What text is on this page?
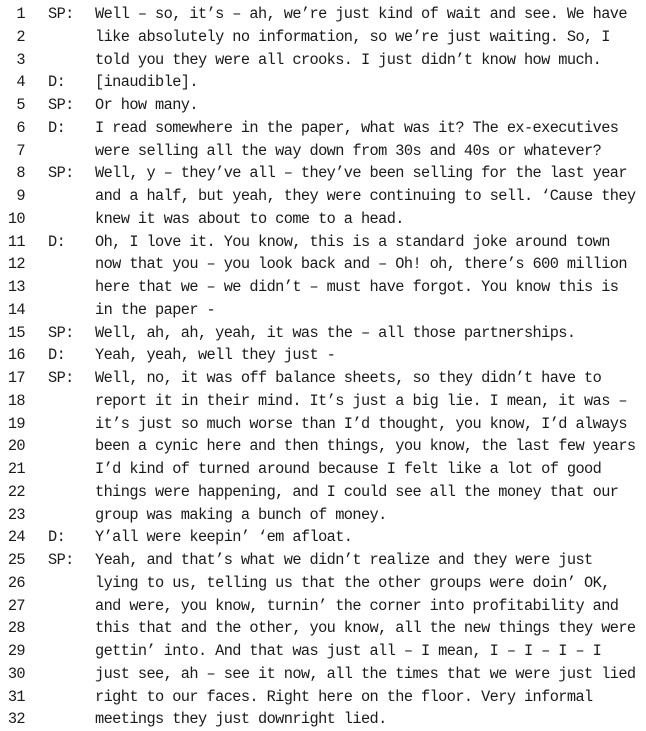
1 SP: Well – so, it’s – ah, we’re just kind of wait and see. We have
2	like absolutely no information, so we’re just waiting. So, I
3	told you they were all crooks. I just didn’t know how much.
4 D: [inaudible].
5 SP: Or how many.
6 D: I read somewhere in the paper, what was it? The ex-executives
7	were selling all the way down from 30s and 40s or whatever?
8 SP: Well, y – they’ve all – they’ve been selling for the last year
9	and a half, but yeah, they were continuing to sell. ‘Cause they
10	knew it was about to come to a head.
11 D: Oh, I love it. You know, this is a standard joke around town
12	now that you – you look back and – Oh! oh, there’s 600 million
13	here that we – we didn’t – must have forgot. You know this is
14	in the paper -
15 SP: Well, ah, ah, yeah, it was the – all those partnerships.
16 D: Yeah, yeah, well they just -
17 SP: Well, no, it was off balance sheets, so they didn’t have to
18	report it in their mind. It’s just a big lie. I mean, it was –
19	it’s just so much worse than I’d thought, you know, I’d always
20	been a cynic here and then things, you know, the last few years
21	I’d kind of turned around because I felt like a lot of good
22	things were happening, and I could see all the money that our
23	group was making a bunch of money.
24 D: Y’all were keepin’ ‘em afloat.
25 SP: Yeah, and that’s what we didn’t realize and they were just
26	lying to us, telling us that the other groups were doin’ OK,
27	and were, you know, turnin’ the corner into profitability and
28	this that and the other, you know, all the new things they were
29	gettin’ into. And that was just all – I mean, I – I – I – I
30	just see, ah – see it now, all the times that we were just lied
31	right to our faces. Right here on the floor. Very informal
32	meetings they just downright lied.
